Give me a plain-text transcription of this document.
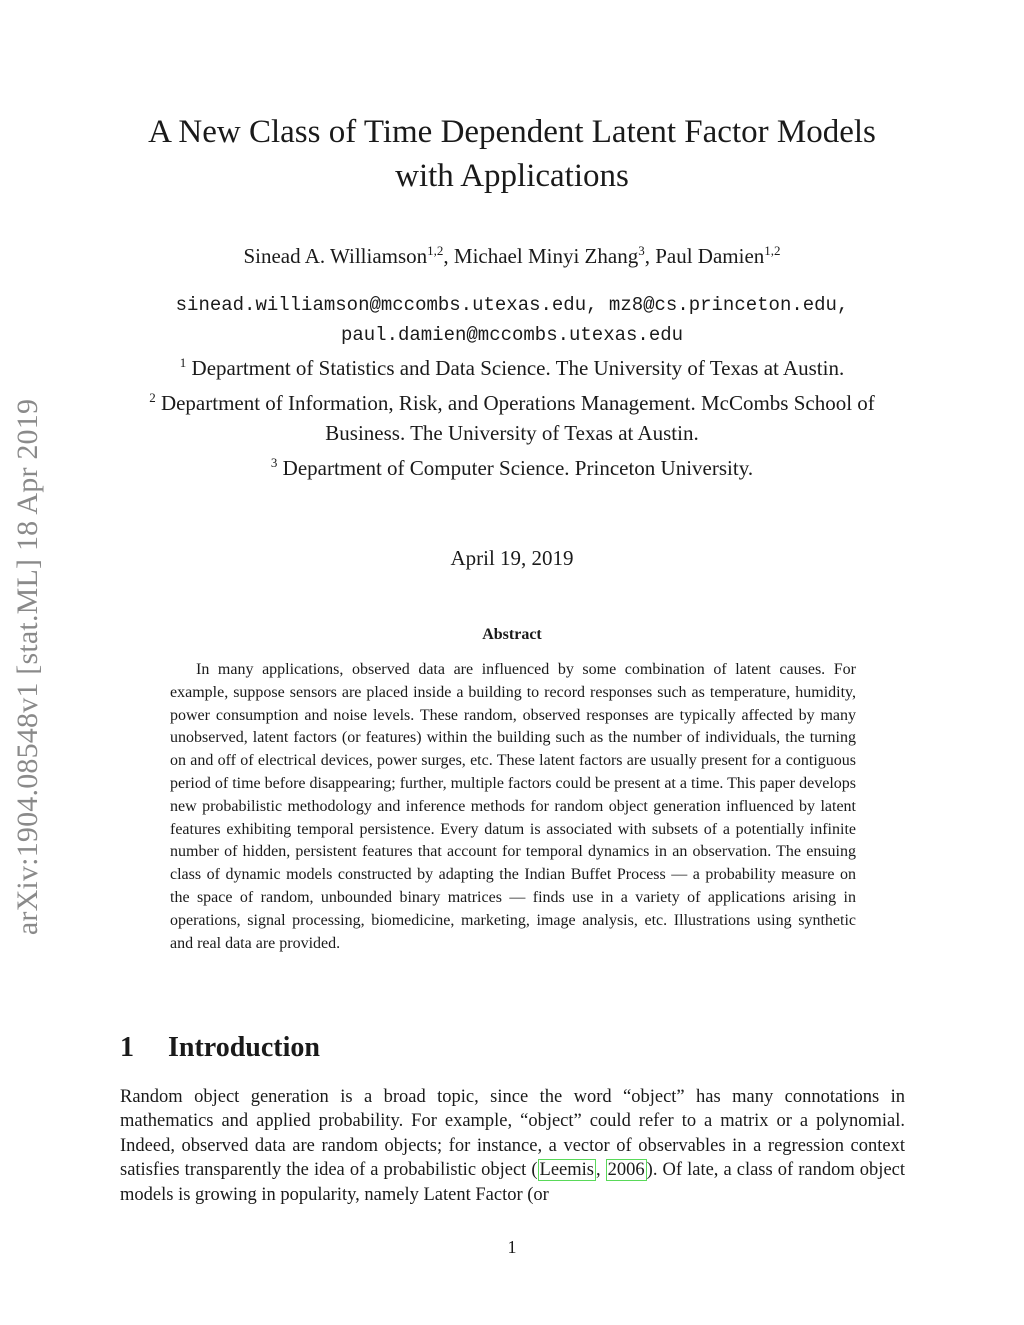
arXiv:1904.08548v1 [stat.ML] 18 Apr 2019
A New Class of Time Dependent Latent Factor Models
with Applications
Sinead A. Williamson$^{1,2}$, Michael Minyi Zhang$^3$, Paul Damien$^{1,2}$
sinead.williamson@mccombs.utexas.edu, mz8@cs.princeton.edu,
paul.damien@mccombs.utexas.edu
$^1$ Department of Statistics and Data Science. The University of Texas at Austin.
$^2$ Department of Information, Risk, and Operations Management. McCombs School of Business. The University of Texas at Austin.
$^3$ Department of Computer Science. Princeton University.
April 19, 2019
Abstract
In many applications, observed data are influenced by some combination of latent causes. For example, suppose sensors are placed inside a building to record responses such as temperature, humidity, power consumption and noise levels. These random, observed responses are typically affected by many unobserved, latent factors (or features) within the building such as the number of individuals, the turning on and off of electrical devices, power surges, etc. These latent factors are usually present for a contiguous period of time before disappearing; further, multiple factors could be present at a time. This paper develops new probabilistic methodology and inference methods for random object generation influenced by latent features exhibiting temporal persistence. Every datum is associated with subsets of a potentially infinite number of hidden, persistent features that account for temporal dynamics in an observation. The ensuing class of dynamic models constructed by adapting the Indian Buffet Process — a probability measure on the space of random, unbounded binary matrices — finds use in a variety of applications arising in operations, signal processing, biomedicine, marketing, image analysis, etc. Illustrations using synthetic and real data are provided.
1 Introduction
Random object generation is a broad topic, since the word “object” has many connotations in mathematics and applied probability. For example, “object” could refer to a matrix or a polynomial. Indeed, observed data are random objects; for instance, a vector of observables in a regression context satisfies transparently the idea of a probabilistic object ( Leemis , 2006 ). Of late, a class of random object models is growing in popularity, namely Latent Factor (or
1
